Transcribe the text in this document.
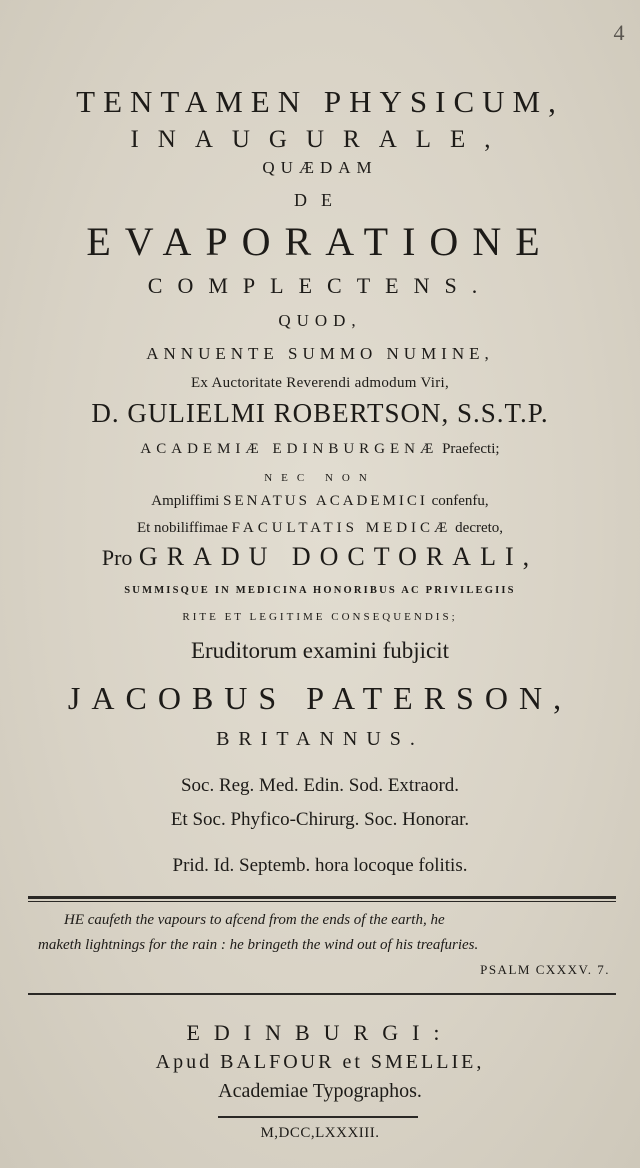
4
TENTAMEN PHYSICUM,
INAUGURALE,
QUÆDAM
DE
EVAPORATIONE
COMPLECTENS.
QUOD,
ANNUENTE SUMMO NUMINE,
Ex Auctoritate Reverendi admodum Viri,
D. GULIELMI ROBERTSON, S.S.T.P.
ACADEMIÆ EDINBURGENÆ Praefecti;
NEC NON
Ampliffimi SENATUS ACADEMICI confenfu,
Et nobiliffimae FACULTATIS MEDICÆ decreto,
Pro GRADU DOCTORALI,
SUMMISQUE IN MEDICINA HONORIBUS AC PRIVILEGIIS
RITE ET LEGITIME CONSEQUENDIS;
Eruditorum examini fubjicit
JACOBUS PATERSON,
BRITANNUS.
Soc. Reg. Med. Edin. Sod. Extraord.
Et Soc. Phyfico-Chirurg. Soc. Honorar.
Prid. Id. Septemb. hora locoque folitis.
HE caufeth the vapours to afcend from the ends of the earth, he
maketh lightnings for the rain : he bringeth the wind out of his treafuries.
PSALM CXXXV. 7.
EDINBURGI:
Apud BALFOUR et SMELLIE,
Academiae Typographos.
M,DCC,LXXXIII.
